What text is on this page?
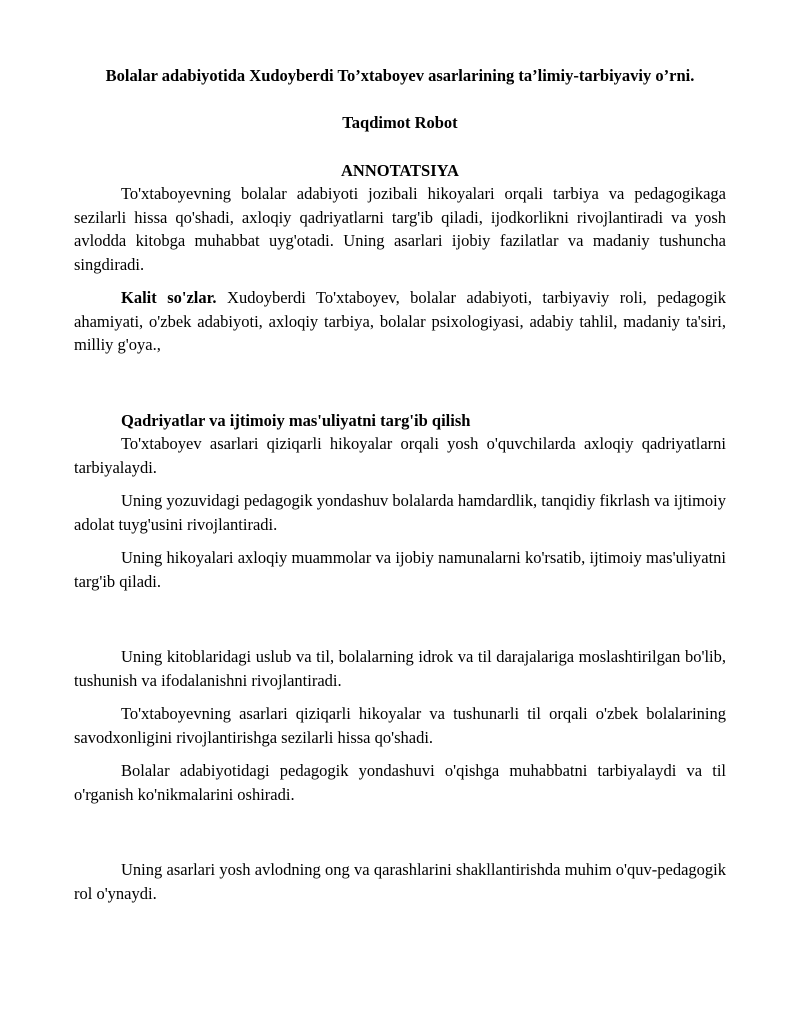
Bolalar adabiyotida Xudoyberdi To’xtaboyev asarlarining ta’limiy-tarbiyaviy o’rni.

Taqdimot Robot

ANNOTATSIYA

To'xtaboyevning bolalar adabiyoti jozibali hikoyalari orqali tarbiya va pedagogikaga sezilarli hissa qo'shadi, axloqiy qadriyatlarni targ'ib qiladi, ijodkorlikni rivojlantiradi va yosh avlodda kitobga muhabbat uyg'otadi. Uning asarlari ijobiy fazilatlar va madaniy tushuncha singdiradi.

Kalit so'zlar. Xudoyberdi To'xtaboyev, bolalar adabiyoti, tarbiyaviy roli, pedagogik ahamiyati, o'zbek adabiyoti, axloqiy tarbiya, bolalar psixologiyasi, adabiy tahlil, madaniy ta'siri, milliy g'oya.,

Qadriyatlar va ijtimoiy mas'uliyatni targ'ib qilish

To'xtaboyev asarlari qiziqarli hikoyalar orqali yosh o'quvchilarda axloqiy qadriyatlarni tarbiyalaydi.

Uning yozuvidagi pedagogik yondashuv bolalarda hamdardlik, tanqidiy fikrlash va ijtimoiy adolat tuyg'usini rivojlantiradi.

Uning hikoyalari axloqiy muammolar va ijobiy namunalarni ko'rsatib, ijtimoiy mas'uliyatni targ'ib qiladi.

Uning kitoblaridagi uslub va til, bolalarning idrok va til darajalariga moslashtirilgan bo'lib, tushunish va ifodalanishni rivojlantiradi.

To'xtaboyevning asarlari qiziqarli hikoyalar va tushunarli til orqali o'zbek bolalarining savodxonligini rivojlantirishga sezilarli hissa qo'shadi.

Bolalar adabiyotidagi pedagogik yondashuvi o'qishga muhabbatni tarbiyalaydi va til o'rganish ko'nikmalarini oshiradi.

Uning asarlari yosh avlodning ong va qarashlarini shakllantirishda muhim o'quv-pedagogik rol o'ynaydi.
